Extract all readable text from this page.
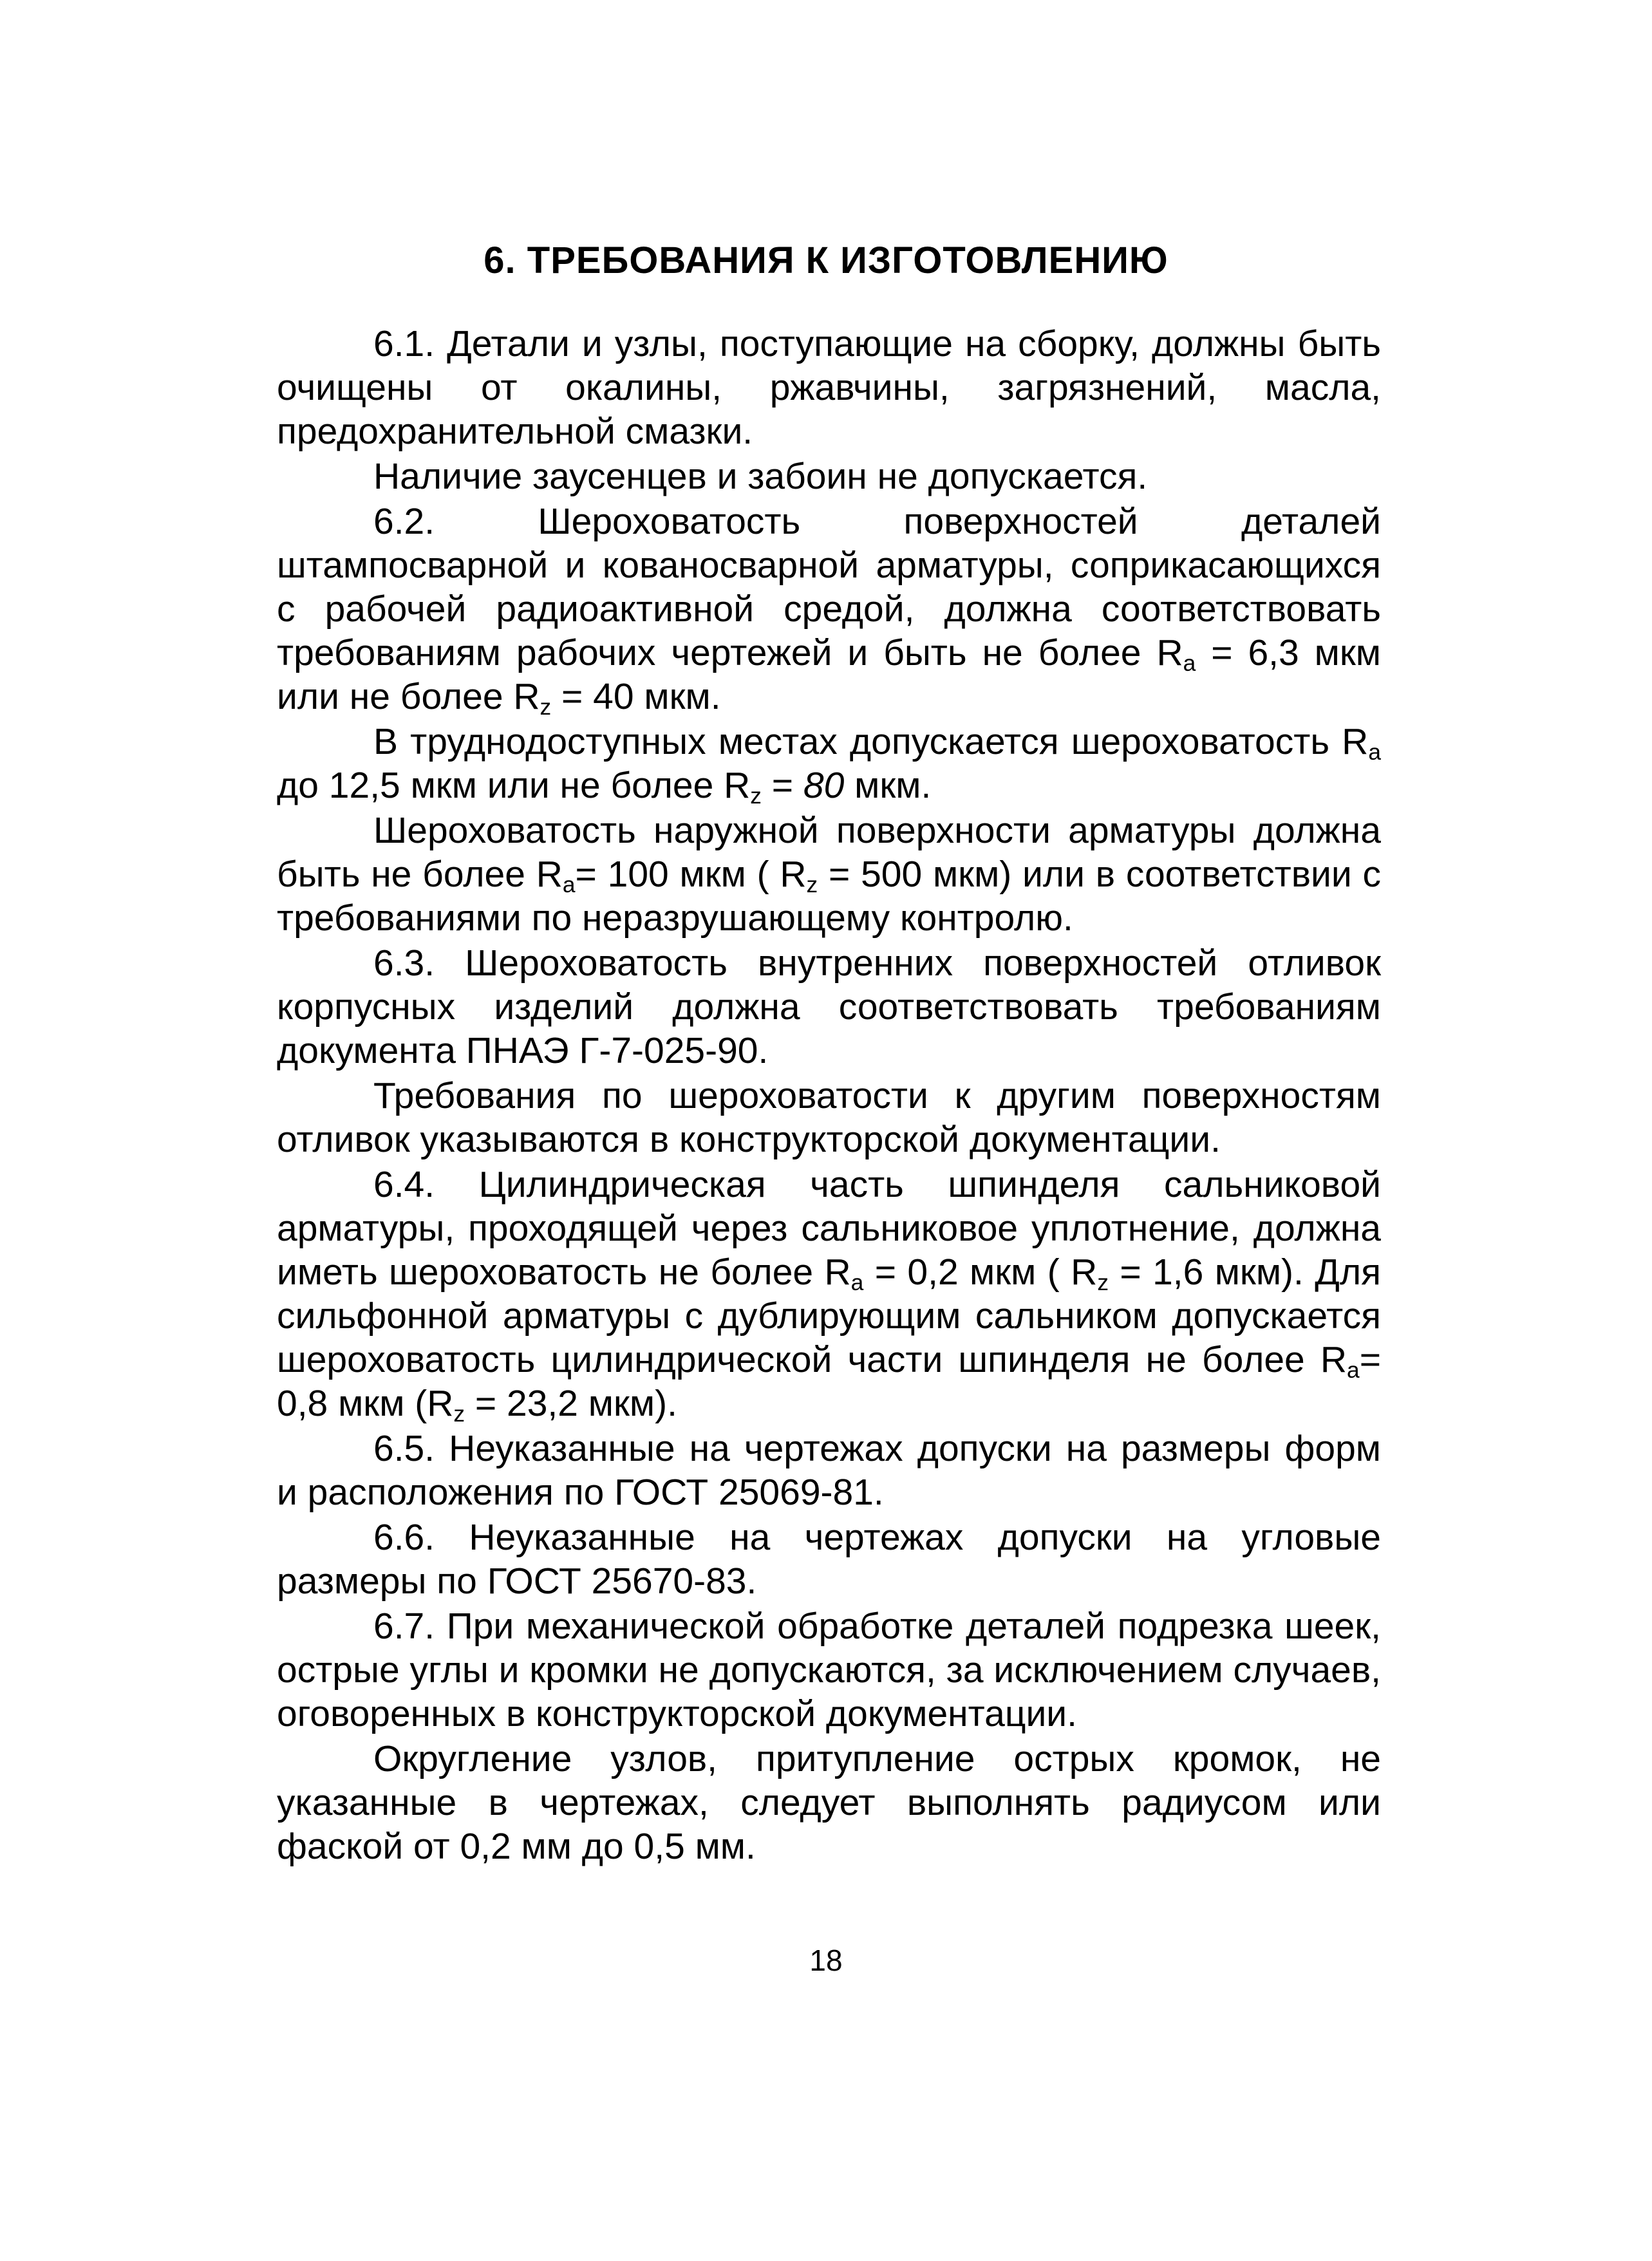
6. ТРЕБОВАНИЯ К ИЗГОТОВЛЕНИЮ

6.1. Детали и узлы, поступающие на сборку, должны быть очищены от окалины, ржавчины, загрязнений, масла, предохранительной смазки.

Наличие заусенцев и забоин не допускается.

6.2. Шероховатость поверхностей деталей штампосварной и кованосварной арматуры, соприкасающихся с рабочей радиоактивной средой, должна соответствовать требованиям рабочих чертежей и быть не более $R_a = 6,3$ мкм или не более $R_z = 40$ мкм.

В труднодоступных местах допускается шероховатость $R_a$ до 12,5 мкм или не более $R_z = 80$ мкм.

Шероховатость наружной поверхности арматуры должна быть не более $R_a= 100$ мкм ( $R_z = 500$ мкм) или в соответствии с требованиями по неразрушающему контролю.

6.3. Шероховатость внутренних поверхностей отливок корпусных изделий должна соответствовать требованиям документа ПНАЭ Г-7-025-90.

Требования по шероховатости к другим поверхностям отливок указываются в конструкторской документации.

6.4. Цилиндрическая часть шпинделя сальниковой арматуры, проходящей через сальниковое уплотнение, должна иметь шероховатость не более $R_a = 0,2$ мкм ( $R_z = 1,6$ мкм). Для сильфонной арматуры с дублирующим сальником допускается шероховатость цилиндрической части шпинделя не более $R_a= 0,8$ мкм ($R_z = 23,2$ мкм).

6.5. Неуказанные на чертежах допуски на размеры форм и расположения по ГОСТ 25069-81.

6.6. Неуказанные на чертежах допуски на угловые размеры по ГОСТ 25670-83.

6.7. При механической обработке деталей подрезка шеек, острые углы и кромки не допускаются, за исключением случаев, оговоренных в конструкторской документации.

Округление узлов, притупление острых кромок, не указанные в чертежах, следует выполнять радиусом или фаской от 0,2 мм до 0,5 мм.

18
